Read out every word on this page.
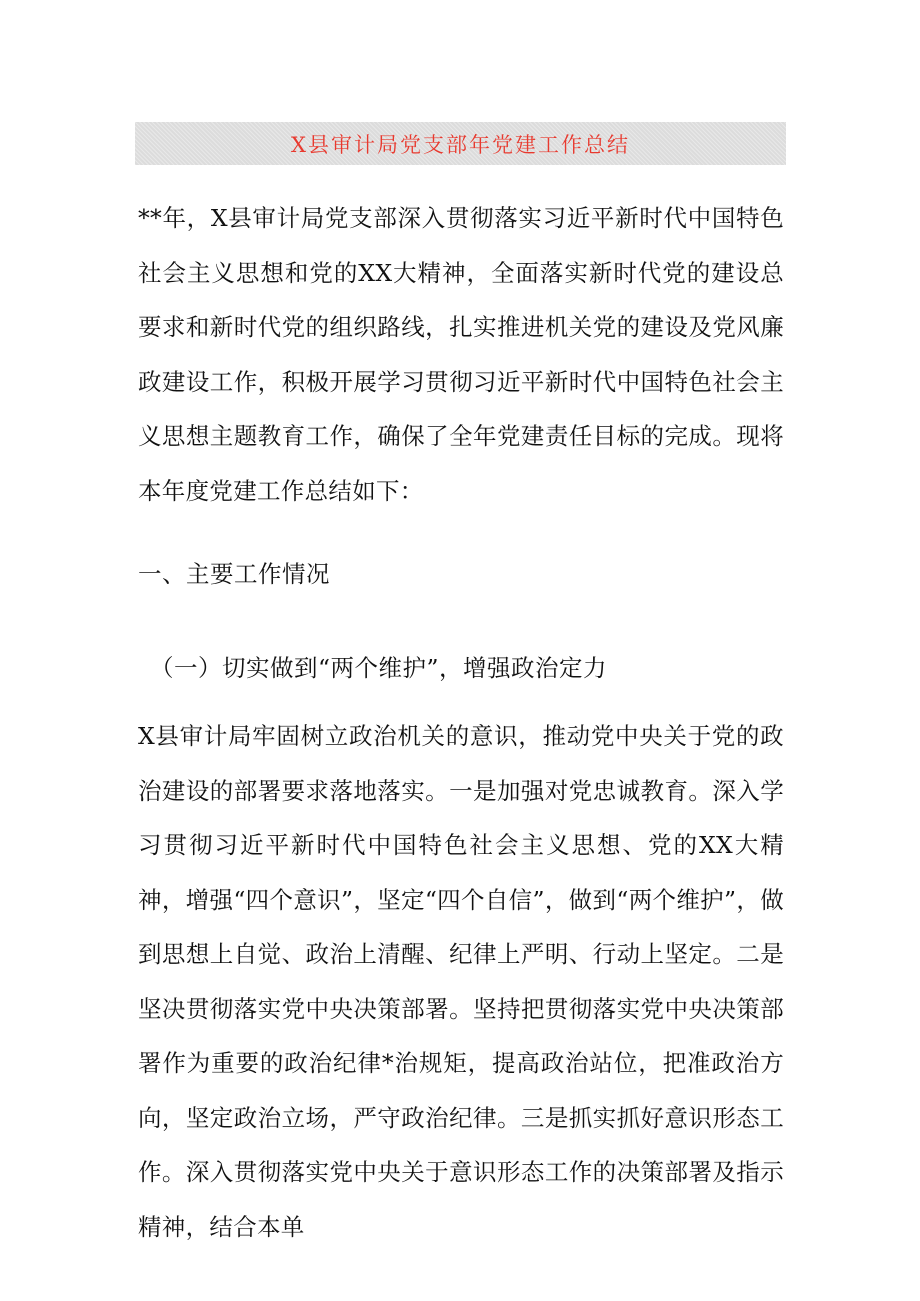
X县审计局党支部年党建工作总结

**年，X县审计局党支部深入贯彻落实习近平新时代中国特色社会主义思想和党的XX大精神，全面落实新时代党的建设总要求和新时代党的组织路线，扎实推进机关党的建设及党风廉政建设工作，积极开展学习贯彻习近平新时代中国特色社会主义思想主题教育工作，确保了全年党建责任目标的完成。现将本年度党建工作总结如下：

一、主要工作情况
（一）切实做到“两个维护”，增强政治定力

X县审计局牢固树立政治机关的意识，推动党中央关于党的政治建设的部署要求落地落实。一是加强对党忠诚教育。深入学习贯彻习近平新时代中国特色社会主义思想、党的XX大精神，增强“四个意识”，坚定“四个自信”，做到“两个维护”，做到思想上自觉、政治上清醒、纪律上严明、行动上坚定。二是坚决贯彻落实党中央决策部署。坚持把贯彻落实党中央决策部署作为重要的政治纪律*治规矩，提高政治站位，把准政治方向，坚定政治立场，严守政治纪律。三是抓实抓好意识形态工作。深入贯彻落实党中央关于意识形态工作的决策部署及指示精神，结合本单
